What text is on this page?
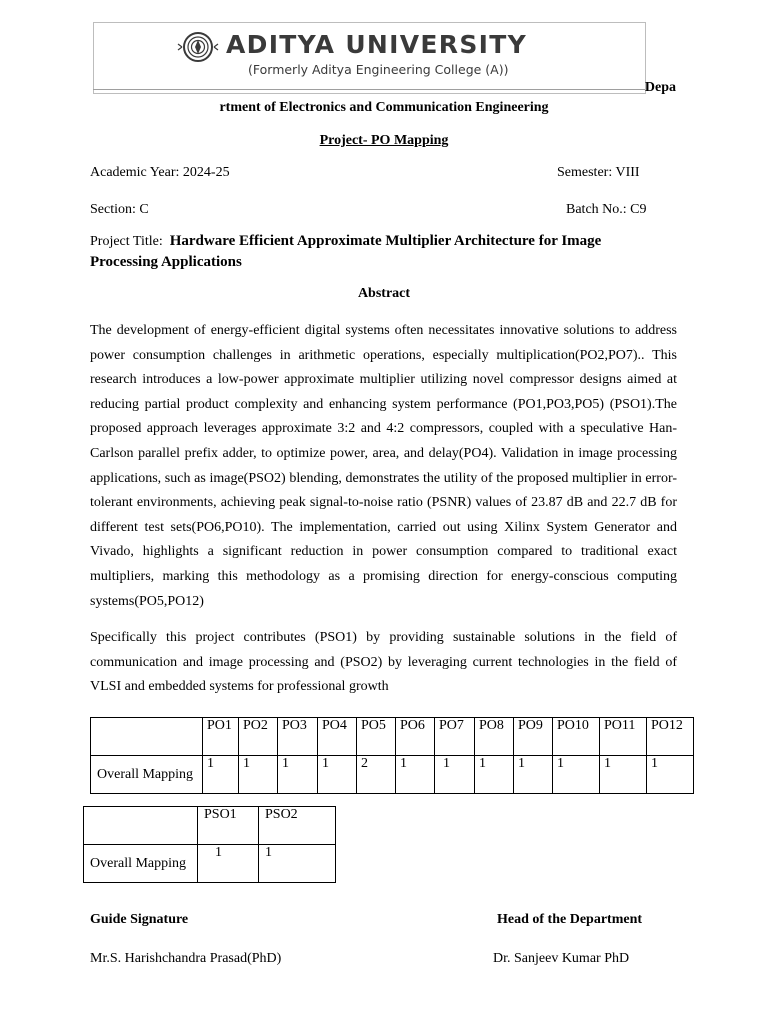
ADITYA UNIVERSITY
(Formerly Aditya Engineering College (A))
Depa
rtment of Electronics and Communication Engineering
Project- PO Mapping
Academic Year: 2024-25	Semester: VIII
Section: C	Batch No.: C9
Project Title: Hardware Efficient Approximate Multiplier Architecture for Image
Processing Applications
Abstract
The development of energy-efficient digital systems often necessitates innovative solutions to address power consumption challenges in arithmetic operations, especially multiplication(PO2,PO7).. This research introduces a low-power approximate multiplier utilizing novel compressor designs aimed at reducing partial product complexity and enhancing system performance (PO1,PO3,PO5) (PSO1).The proposed approach leverages approximate 3:2 and 4:2 compressors, coupled with a speculative Han-Carlson parallel prefix adder, to optimize power, area, and delay(PO4). Validation in image processing applications, such as image(PSO2) blending, demonstrates the utility of the proposed multiplier in error-tolerant environments, achieving peak signal-to-noise ratio (PSNR) values of 23.87 dB and 22.7 dB for different test sets(PO6,PO10). The implementation, carried out using Xilinx System Generator and Vivado, highlights a significant reduction in power consumption compared to traditional exact multipliers, marking this methodology as a promising direction for energy-conscious computing systems(PO5,PO12)
Specifically this project contributes (PSO1) by providing sustainable solutions in the field of communication and image processing and (PSO2) by leveraging current technologies in the field of VLSI and embedded systems for professional growth
	PO1	PO2	PO3	PO4	PO5	PO6	PO7	PO8	PO9	PO10	PO11	PO12
Overall Mapping	1	1	1	1	2	1	1	1	1	1	1	1
	PSO1	PSO2
Overall Mapping	1	1
Guide Signature	Head of the Department
Mr.S. Harishchandra Prasad(PhD)	Dr. Sanjeev Kumar PhD
